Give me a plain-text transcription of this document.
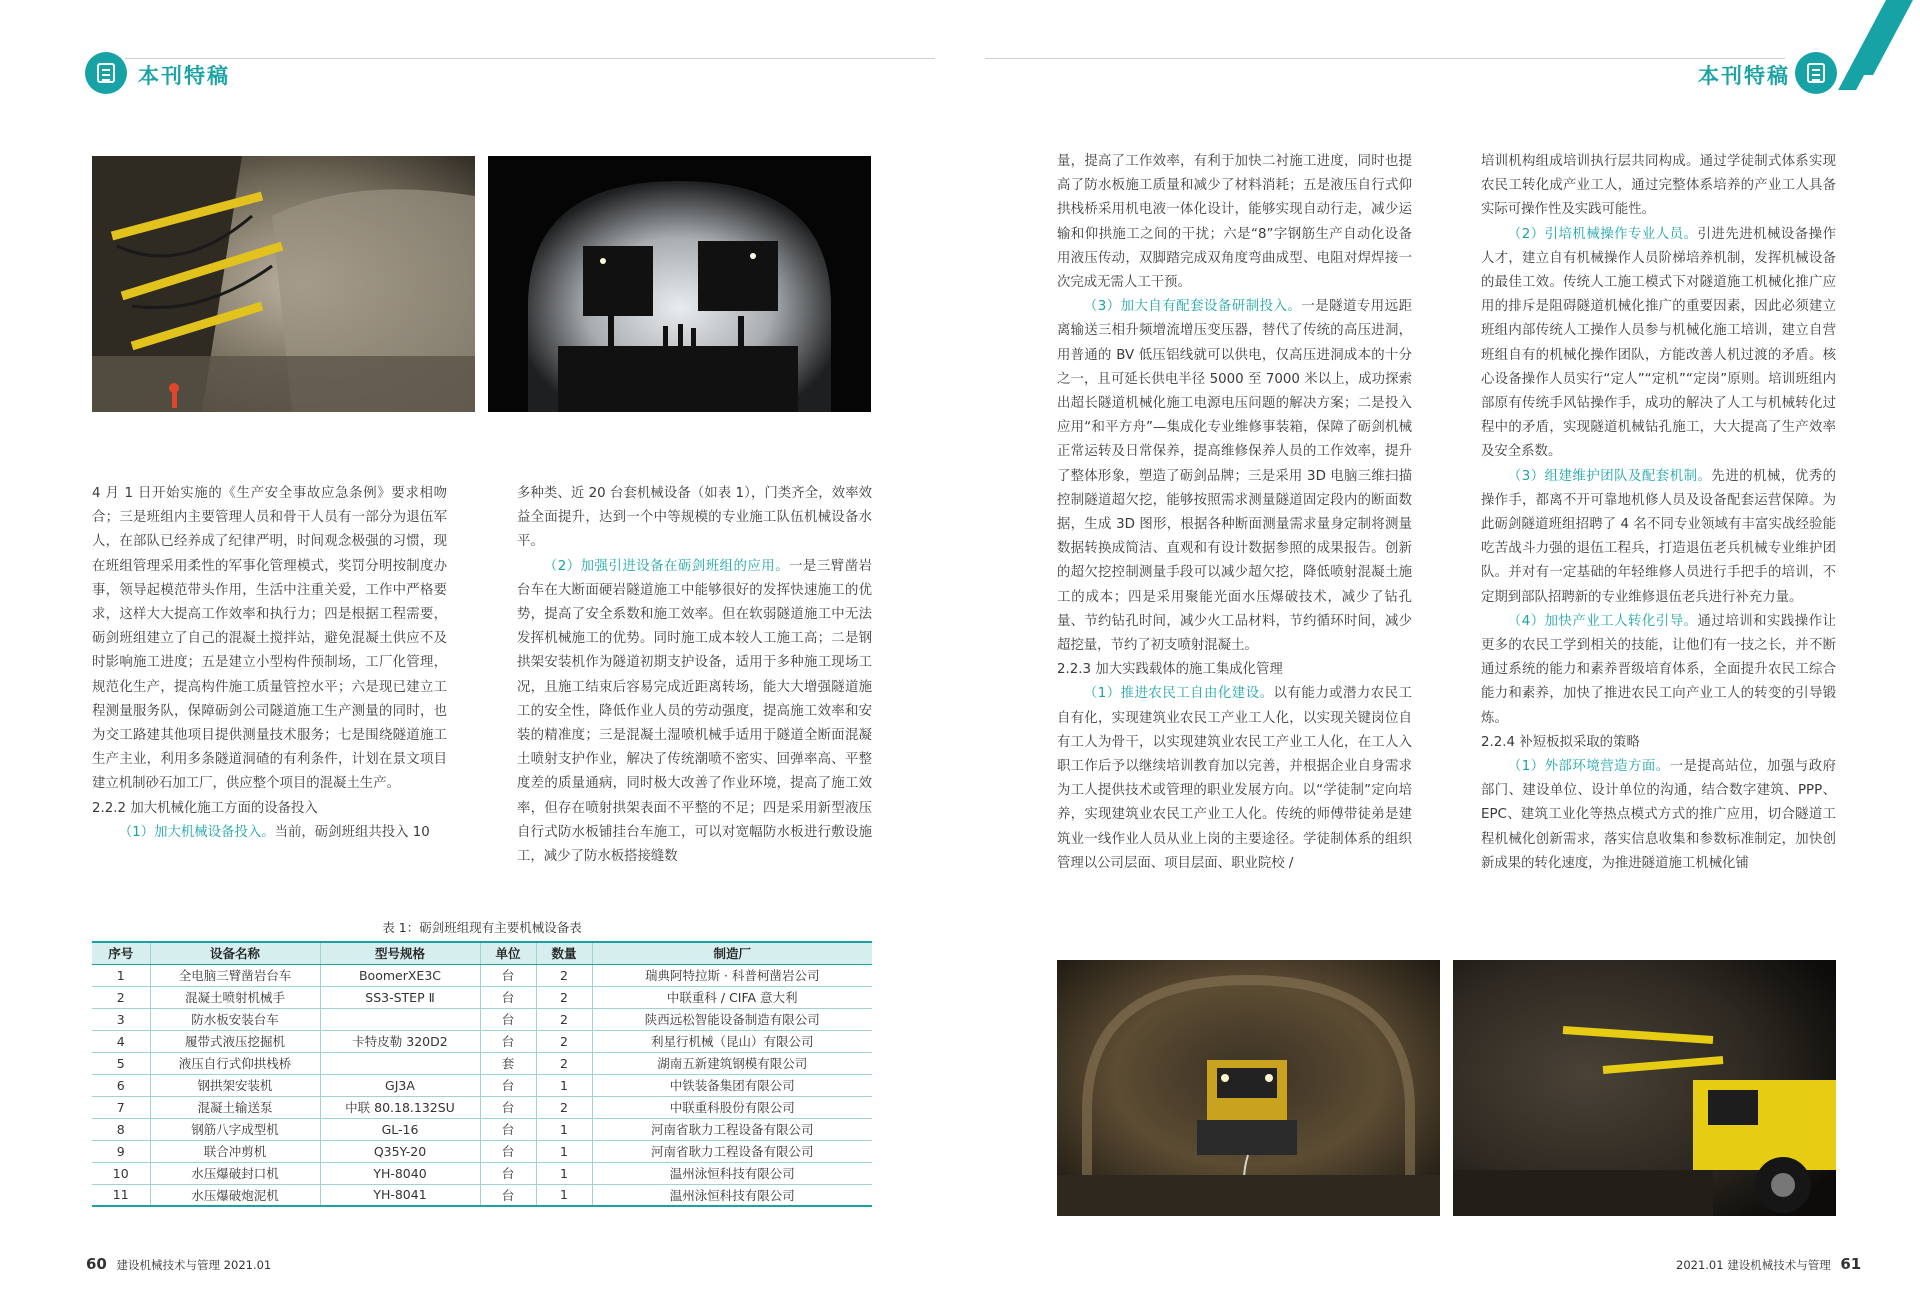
本刊特稿	本刊特稿

4 月 1 日开始实施的《生产安全事故应急条例》要求相吻合；三是班组内主要管理人员和骨干人员有一部分为退伍军人，在部队已经养成了纪律严明，时间观念极强的习惯，现在班组管理采用柔性的军事化管理模式，奖罚分明按制度办事，领导起模范带头作用，生活中注重关爱，工作中严格要求，这样大大提高工作效率和执行力；四是根据工程需要，砺剑班组建立了自己的混凝土搅拌站，避免混凝土供应不及时影响施工进度；五是建立小型构件预制场，工厂化管理，规范化生产，提高构件施工质量管控水平；六是现已建立工程测量服务队，保障砺剑公司隧道施工生产测量的同时，也为交工路建其他项目提供测量技术服务；七是围绕隧道施工生产主业，利用多条隧道洞碴的有利条件，计划在景文项目建立机制砂石加工厂，供应整个项目的混凝土生产。

2.2.2 加大机械化施工方面的设备投入

（1）加大机械设备投入。当前，砺剑班组共投入 10

多种类、近 20 台套机械设备（如表 1），门类齐全，效率效益全面提升，达到一个中等规模的专业施工队伍机械设备水平。

（2）加强引进设备在砺剑班组的应用。一是三臂凿岩台车在大断面硬岩隧道施工中能够很好的发挥快速施工的优势，提高了安全系数和施工效率。但在软弱隧道施工中无法发挥机械施工的优势。同时施工成本较人工施工高；二是钢拱架安装机作为隧道初期支护设备，适用于多种施工现场工况，且施工结束后容易完成近距离转场，能大大增强隧道施工的安全性，降低作业人员的劳动强度，提高施工效率和安装的精准度；三是混凝土湿喷机械手适用于隧道全断面混凝土喷射支护作业，解决了传统潮喷不密实、回弹率高、平整度差的质量通病，同时极大改善了作业环境，提高了施工效率，但存在喷射拱架表面不平整的不足；四是采用新型液压自行式防水板铺挂台车施工，可以对宽幅防水板进行敷设施工，减少了防水板搭接缝数

量，提高了工作效率，有利于加快二衬施工进度，同时也提高了防水板施工质量和减少了材料消耗；五是液压自行式仰拱栈桥采用机电液一体化设计，能够实现自动行走，减少运输和仰拱施工之间的干扰；六是“8”字钢筋生产自动化设备用液压传动，双脚踏完成双角度弯曲成型、电阻对焊焊接一次完成无需人工干预。

（3）加大自有配套设备研制投入。一是隧道专用远距离输送三相升频增流增压变压器，替代了传统的高压进洞，用普通的 BV 低压铝线就可以供电，仅高压进洞成本的十分之一，且可延长供电半径 5000 至 7000 米以上，成功探索出超长隧道机械化施工电源电压问题的解决方案；二是投入应用“和平方舟”—集成化专业维修事装箱，保障了砺剑机械正常运转及日常保养，提高维修保养人员的工作效率，提升了整体形象，塑造了砺剑品牌；三是采用 3D 电脑三维扫描控制隧道超欠挖，能够按照需求测量隧道固定段内的断面数据，生成 3D 图形，根据各种断面测量需求量身定制将测量数据转换成简洁、直观和有设计数据参照的成果报告。创新的超欠挖控制测量手段可以减少超欠挖，降低喷射混凝土施工的成本；四是采用聚能光面水压爆破技术，减少了钻孔量、节约钻孔时间，减少火工品材料，节约循环时间，减少超挖量，节约了初支喷射混凝土。

2.2.3 加大实践载体的施工集成化管理

（1）推进农民工自由化建设。以有能力或潜力农民工自有化，实现建筑业农民工产业工人化，以实现关键岗位自有工人为骨干，以实现建筑业农民工产业工人化，在工人入职工作后予以继续培训教育加以完善，并根据企业自身需求为工人提供技术或管理的职业发展方向。以“学徒制”定向培养，实现建筑业农民工产业工人化。传统的师傅带徒弟是建筑业一线作业人员从业上岗的主要途径。学徒制体系的组织管理以公司层面、项目层面、职业院校 /

培训机构组成培训执行层共同构成。通过学徒制式体系实现农民工转化成产业工人，通过完整体系培养的产业工人具备实际可操作性及实践可能性。

（2）引培机械操作专业人员。引进先进机械设备操作人才，建立自有机械操作人员阶梯培养机制，发挥机械设备的最佳工效。传统人工施工模式下对隧道施工机械化推广应用的排斥是阻碍隧道机械化推广的重要因素，因此必须建立班组内部传统人工操作人员参与机械化施工培训，建立自营班组自有的机械化操作团队，方能改善人机过渡的矛盾。核心设备操作人员实行“定人”“定机”“定岗”原则。培训班组内部原有传统手风钻操作手，成功的解决了人工与机械转化过程中的矛盾，实现隧道机械钻孔施工，大大提高了生产效率及安全系数。

（3）组建维护团队及配套机制。先进的机械，优秀的操作手，都离不开可靠地机修人员及设备配套运营保障。为此砺剑隧道班组招聘了 4 名不同专业领域有丰富实战经验能吃苦战斗力强的退伍工程兵，打造退伍老兵机械专业维护团队。并对有一定基础的年轻维修人员进行手把手的培训，不定期到部队招聘新的专业维修退伍老兵进行补充力量。

（4）加快产业工人转化引导。通过培训和实践操作让更多的农民工学到相关的技能，让他们有一技之长，并不断通过系统的能力和素养晋级培育体系，全面提升农民工综合能力和素养，加快了推进农民工向产业工人的转变的引导锻炼。

2.2.4 补短板拟采取的策略

（1）外部环境营造方面。一是提高站位，加强与政府部门、建设单位、设计单位的沟通，结合数字建筑、PPP、EPC、建筑工业化等热点模式方式的推广应用，切合隧道工程机械化创新需求，落实信息收集和参数标准制定，加快创新成果的转化速度，为推进隧道施工机械化铺

表 1：砺剑班组现有主要机械设备表
序号	设备名称	型号规格	单位	数量	制造厂
1	全电脑三臂凿岩台车	BoomerXE3C	台	2	瑞典阿特拉斯 · 科普柯凿岩公司
2	混凝土喷射机械手	SS3-STEP Ⅱ	台	2	中联重科 / CIFA 意大利
3	防水板安装台车		台	2	陕西远松智能设备制造有限公司
4	履带式液压挖掘机	卡特皮勒 320D2	台	2	利星行机械（昆山）有限公司
5	液压自行式仰拱栈桥		套	2	湖南五新建筑钢模有限公司
6	钢拱架安装机	GJ3A	台	1	中铁装备集团有限公司
7	混凝土输送泵	中联 80.18.132SU	台	2	中联重科股份有限公司
8	钢筋八字成型机	GL-16	台	1	河南省耿力工程设备有限公司
9	联合冲剪机	Q35Y-20	台	1	河南省耿力工程设备有限公司
10	水压爆破封口机	YH-8040	台	1	温州泳恒科技有限公司
11	水压爆破炮泥机	YH-8041	台	1	温州泳恒科技有限公司
60 建设机械技术与管理 2021.01	2021.01 建设机械技术与管理 61
